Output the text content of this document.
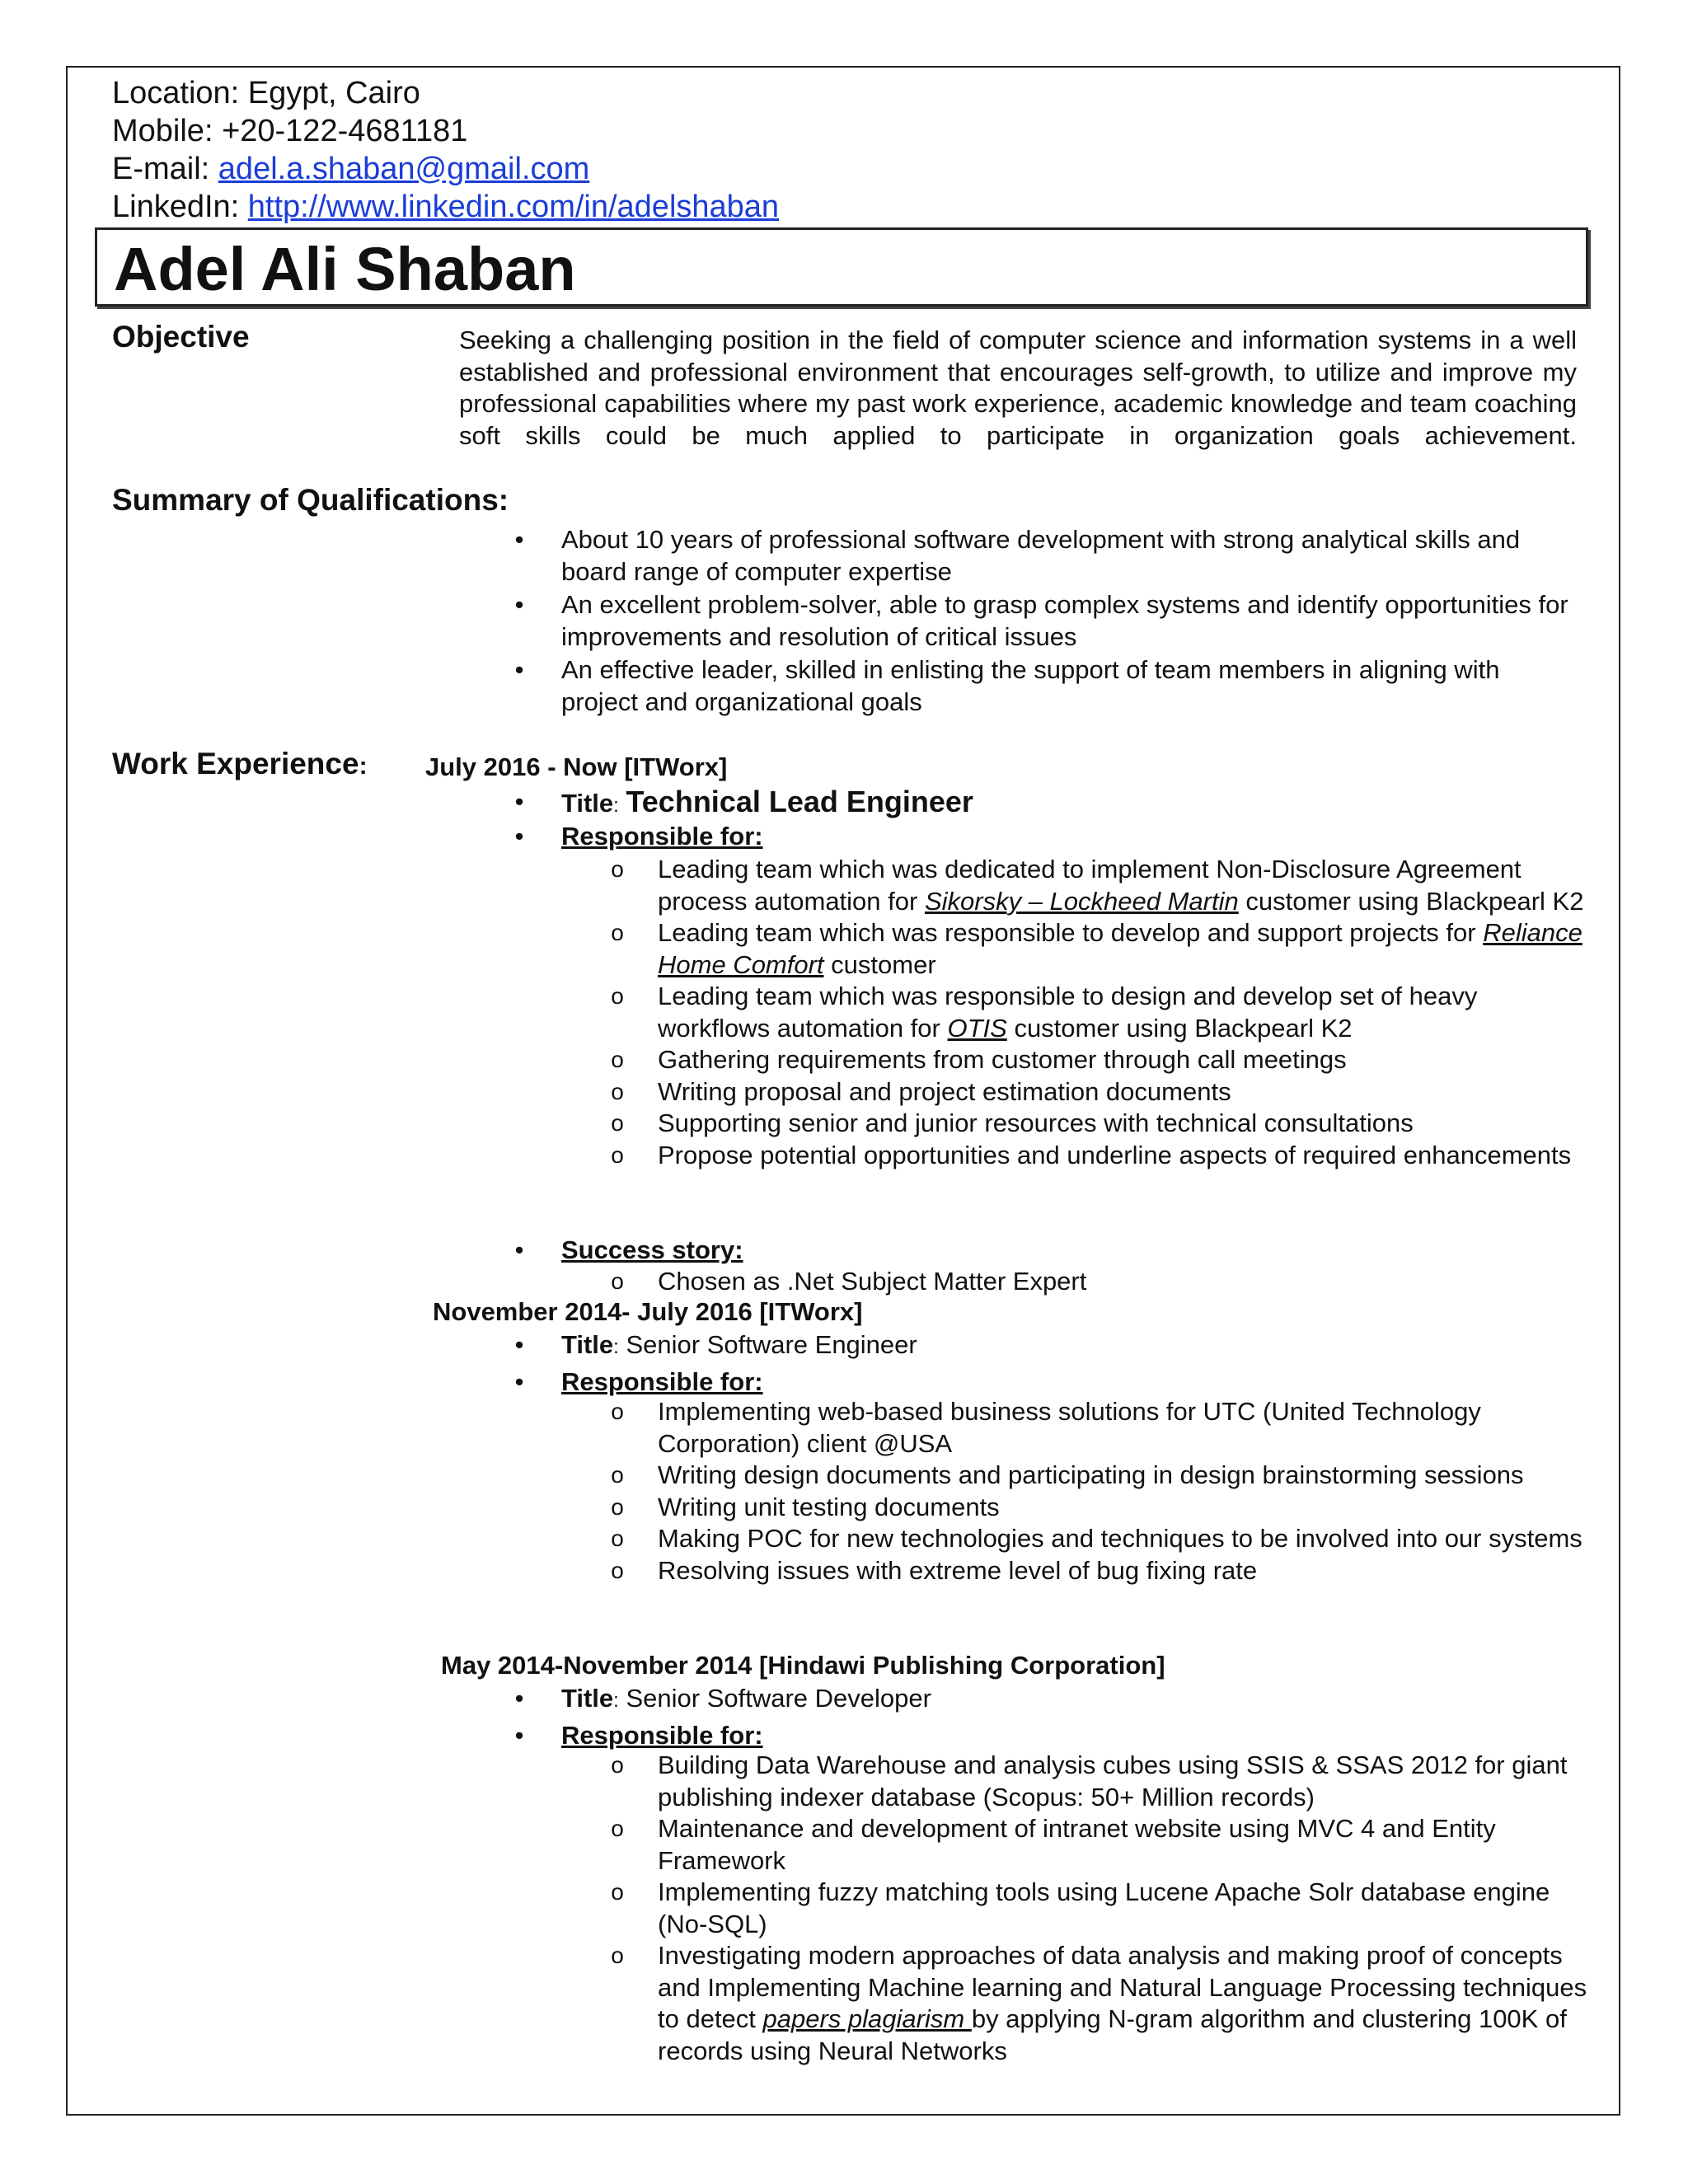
Location: Egypt, Cairo
Mobile: +20-122-4681181
E-mail: adel.a.shaban@gmail.com
LinkedIn: http://www.linkedin.com/in/adelshaban
Adel Ali Shaban
Objective	Seeking a challenging position in the field of computer science and information systems in a well established and professional environment that encourages self-growth, to utilize and improve my professional capabilities where my past work experience, academic knowledge and team coaching soft skills could be much applied to participate in organization goals achievement.
Summary of Qualifications:
• About 10 years of professional software development with strong analytical skills and board range of computer expertise
• An excellent problem-solver, able to grasp complex systems and identify opportunities for improvements and resolution of critical issues
• An effective leader, skilled in enlisting the support of team members in aligning with project and organizational goals
Work Experience: July 2016 - Now [ITWorx]
• Title: Technical Lead Engineer
• Responsible for:
o Leading team which was dedicated to implement Non-Disclosure Agreement process automation for Sikorsky – Lockheed Martin customer using Blackpearl K2
o Leading team which was responsible to develop and support projects for Reliance Home Comfort customer
o Leading team which was responsible to design and develop set of heavy workflows automation for OTIS customer using Blackpearl K2
o Gathering requirements from customer through call meetings
o Writing proposal and project estimation documents
o Supporting senior and junior resources with technical consultations
o Propose potential opportunities and underline aspects of required enhancements
• Success story:
o Chosen as .Net Subject Matter Expert
November 2014- July 2016 [ITWorx]
• Title: Senior Software Engineer
• Responsible for:
o Implementing web-based business solutions for UTC (United Technology Corporation) client @USA
o Writing design documents and participating in design brainstorming sessions
o Writing unit testing documents
o Making POC for new technologies and techniques to be involved into our systems
o Resolving issues with extreme level of bug fixing rate
May 2014-November 2014 [Hindawi Publishing Corporation]
• Title: Senior Software Developer
• Responsible for:
o Building Data Warehouse and analysis cubes using SSIS & SSAS 2012 for giant publishing indexer database (Scopus: 50+ Million records)
o Maintenance and development of intranet website using MVC 4 and Entity Framework
o Implementing fuzzy matching tools using Lucene Apache Solr database engine (No-SQL)
o Investigating modern approaches of data analysis and making proof of concepts and Implementing Machine learning and Natural Language Processing techniques to detect papers plagiarism by applying N-gram algorithm and clustering 100K of records using Neural Networks
